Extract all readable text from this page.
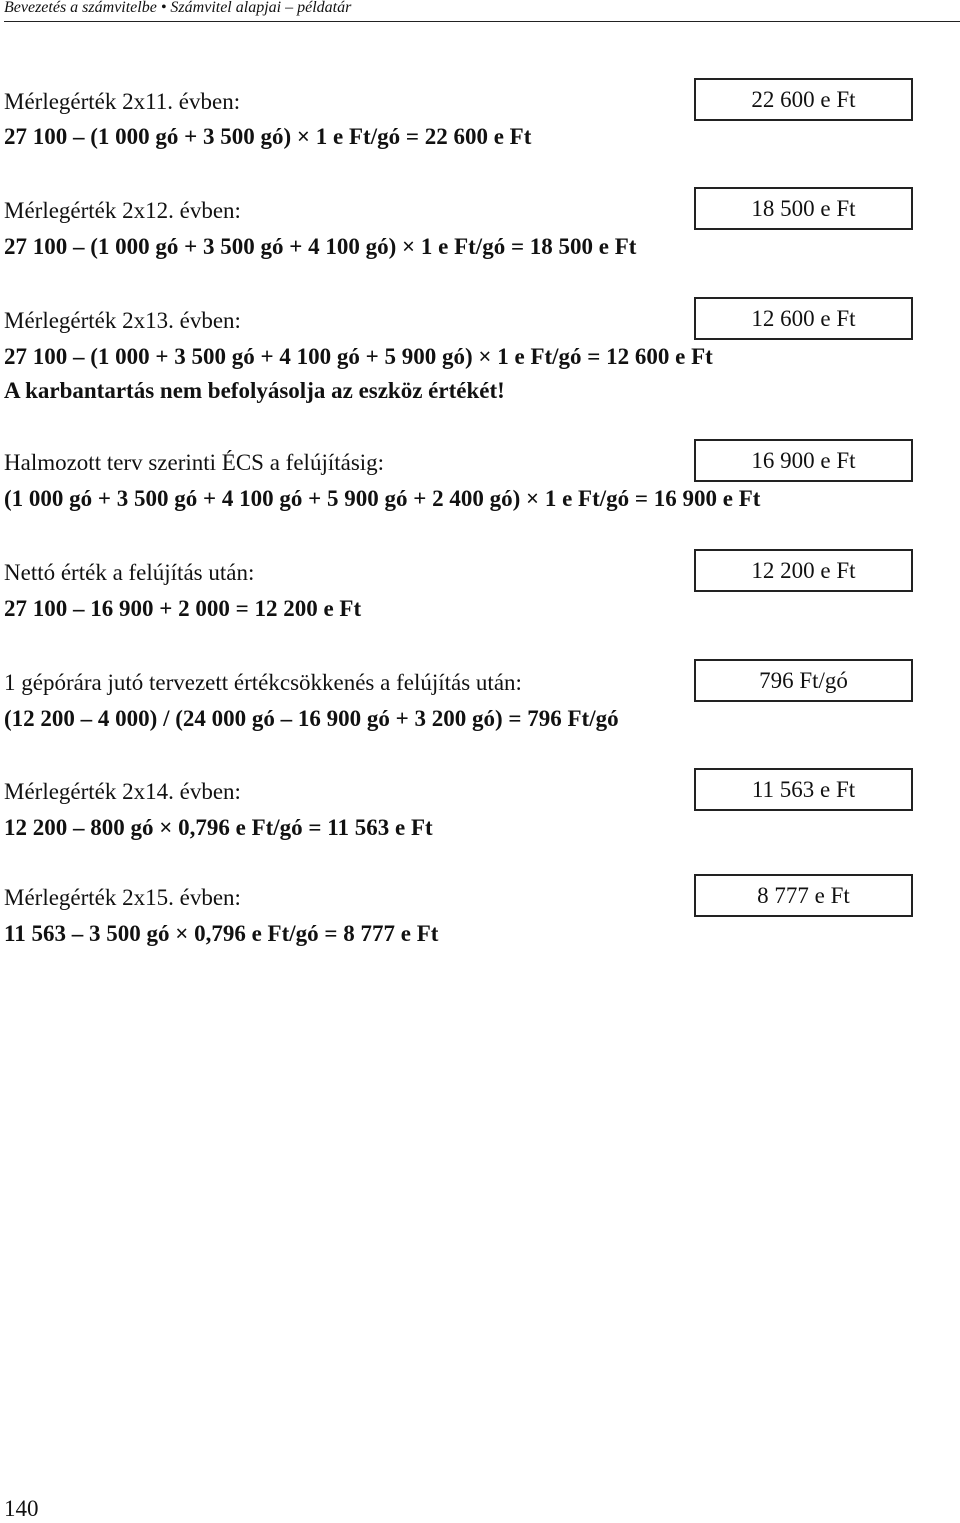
Bevezetés a számvitelbe • Számvitel alapjai – példatár
Mérlegérték 2x11. évben:	22 600 e Ft
27 100 – (1 000 gó + 3 500 gó) × 1 e Ft/gó = 22 600 e Ft
Mérlegérték 2x12. évben:	18 500 e Ft
27 100 – (1 000 gó + 3 500 gó + 4 100 gó) × 1 e Ft/gó = 18 500 e Ft
Mérlegérték 2x13. évben:	12 600 e Ft
27 100 – (1 000 + 3 500 gó + 4 100 gó + 5 900 gó) × 1 e Ft/gó = 12 600 e Ft
A karbantartás nem befolyásolja az eszköz értékét!
Halmozott terv szerinti ÉCS a felújításig:	16 900 e Ft
(1 000 gó + 3 500 gó + 4 100 gó + 5 900 gó + 2 400 gó) × 1 e Ft/gó = 16 900 e Ft
Nettó érték a felújítás után:	12 200 e Ft
27 100 – 16 900 + 2 000 = 12 200 e Ft
1 gépórára jutó tervezett értékcsökkenés a felújítás után:	796 Ft/gó
(12 200 – 4 000) / (24 000 gó – 16 900 gó + 3 200 gó) = 796 Ft/gó
Mérlegérték 2x14. évben:	11 563 e Ft
12 200 – 800 gó × 0,796 e Ft/gó = 11 563 e Ft
Mérlegérték 2x15. évben:	8 777 e Ft
11 563 – 3 500 gó × 0,796 e Ft/gó = 8 777 e Ft
140
